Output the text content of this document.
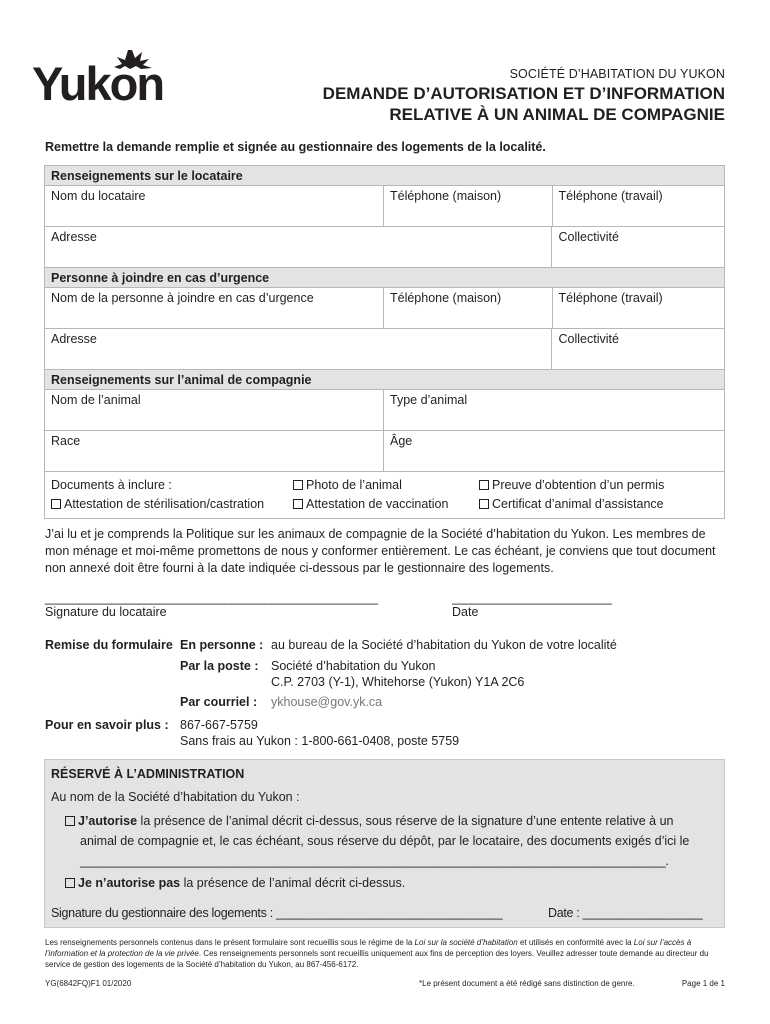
Yukon	SOCIÉTÉ D’HABITATION DU YUKON
DEMANDE D’AUTORISATION ET D’INFORMATION
RELATIVE À UN ANIMAL DE COMPAGNIE
Remettre la demande remplie et signée au gestionnaire des logements de la localité.
Renseignements sur le locataire
Nom du locataire	Téléphone (maison)	Téléphone (travail)
Adresse	Collectivité
Personne à joindre en cas d’urgence
Nom de la personne à joindre en cas d’urgence	Téléphone (maison)	Téléphone (travail)
Adresse	Collectivité
Renseignements sur l’animal de compagnie
Nom de l’animal	Type d’animal
Race	Âge
Documents à inclure :	Photo de l’animal	Preuve d’obtention d’un permis
Attestation de stérilisation/castration	Attestation de vaccination	Certificat d’animal d’assistance
J’ai lu et je comprends la Politique sur les animaux de compagnie de la Société d’habitation du Yukon. Les membres de mon ménage et moi-même promettons de nous y conformer entièrement. Le cas échéant, je conviens que tout document non annexé doit être fourni à la date indiquée ci-dessous par le gestionnaire des logements.
__________________________________________________	________________________
Signature du locataire	Date
Remise du formulaire En personne : au bureau de la Société d’habitation du Yukon de votre localité
Par la poste : Société d’habitation du Yukon
C.P. 2703 (Y-1), Whitehorse (Yukon) Y1A 2C6
Par courriel : ykhouse@gov.yk.ca
Pour en savoir plus : 867-667-5759
Sans frais au Yukon : 1-800-661-0408, poste 5759
RÉSERVÉ À L’ADMINISTRATION
Au nom de la Société d’habitation du Yukon :
J’autorise la présence de l’animal décrit ci-dessus, sous réserve de la signature d’une entente relative à un
animal de compagnie et, le cas échéant, sous réserve du dépôt, par le locataire, des documents exigés d’ici le
________________________________________________________________________________________.
Je n’autorise pas la présence de l’animal décrit ci-dessus.
Signature du gestionnaire des logements : __________________________________	Date : __________________
Les renseignements personnels contenus dans le présent formulaire sont recueillis sous le régime de la Loi sur la société d’habitation et utilisés en conformité avec la Loi sur l’accès à l’information et la protection de la vie privée. Ces renseignements personnels sont recueillis uniquement aux fins de perception des loyers. Veuillez adresser toute demande au directeur du service de gestion des logements de la Société d’habitation du Yukon, au 867-456-6172.
YG(6842FQ)F1 01/2020	*Le présent document a été rédigé sans distinction de genre.	Page 1 de 1
